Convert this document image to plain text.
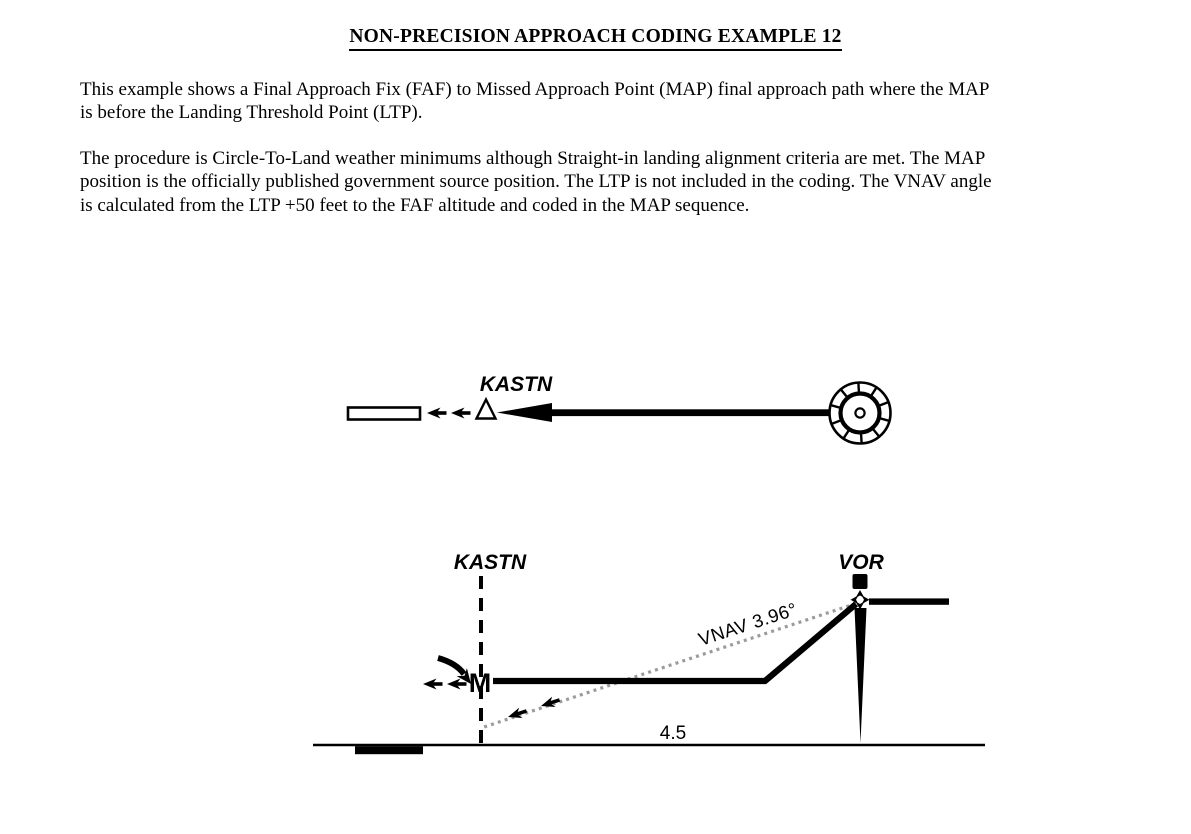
NON-PRECISION APPROACH CODING EXAMPLE 12
This example shows a Final Approach Fix (FAF) to Missed Approach Point (MAP) final approach path where the MAP
is before the Landing Threshold Point (LTP).
The procedure is Circle-To-Land weather minimums although Straight-in landing alignment criteria are met. The MAP
position is the officially published government source position. The LTP is not included in the coding. The VNAV angle
is calculated from the LTP +50 feet to the FAF altitude and coded in the MAP sequence.
KASTN
KASTN	VOR
VNAV 3.96°
M
4.5
